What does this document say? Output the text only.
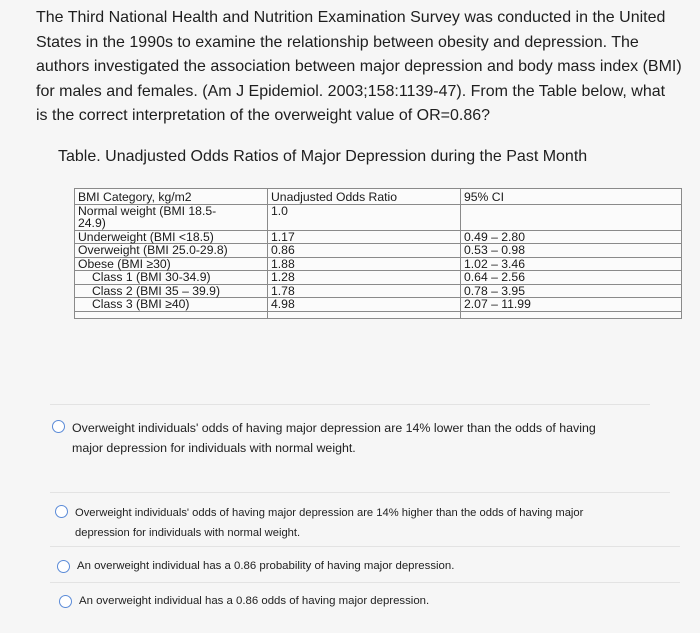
The Third National Health and Nutrition Examination Survey was conducted in the United
States in the 1990s to examine the relationship between obesity and depression. The
authors investigated the association between major depression and body mass index (BMI)
for males and females. (Am J Epidemiol. 2003;158:1139-47). From the Table below, what
is the correct interpretation of the overweight value of OR=0.86?
Table. Unadjusted Odds Ratios of Major Depression during the Past Month
BMI Category, kg/m2	Unadjusted Odds Ratio	95% CI

Normal weight (BMI 18.5-
24.9)	1.0	
Underweight (BMI <18.5)	1.17	0.49 – 2.80
Overweight (BMI 25.0-29.8)	0.86	0.53 – 0.98
Obese (BMI ≥30)	1.88	1.02 – 3.46
Class 1 (BMI 30-34.9)	1.28	0.64 – 2.56
Class 2 (BMI 35 – 39.9)	1.78	0.78 – 3.95
Class 3 (BMI ≥40)	4.98	2.07 – 11.99

Overweight individuals' odds of having major depression are 14% lower than the odds of having
major depression for individuals with normal weight.
Overweight individuals' odds of having major depression are 14% higher than the odds of having major
depression for individuals with normal weight.
An overweight individual has a 0.86 probability of having major depression.
An overweight individual has a 0.86 odds of having major depression.
